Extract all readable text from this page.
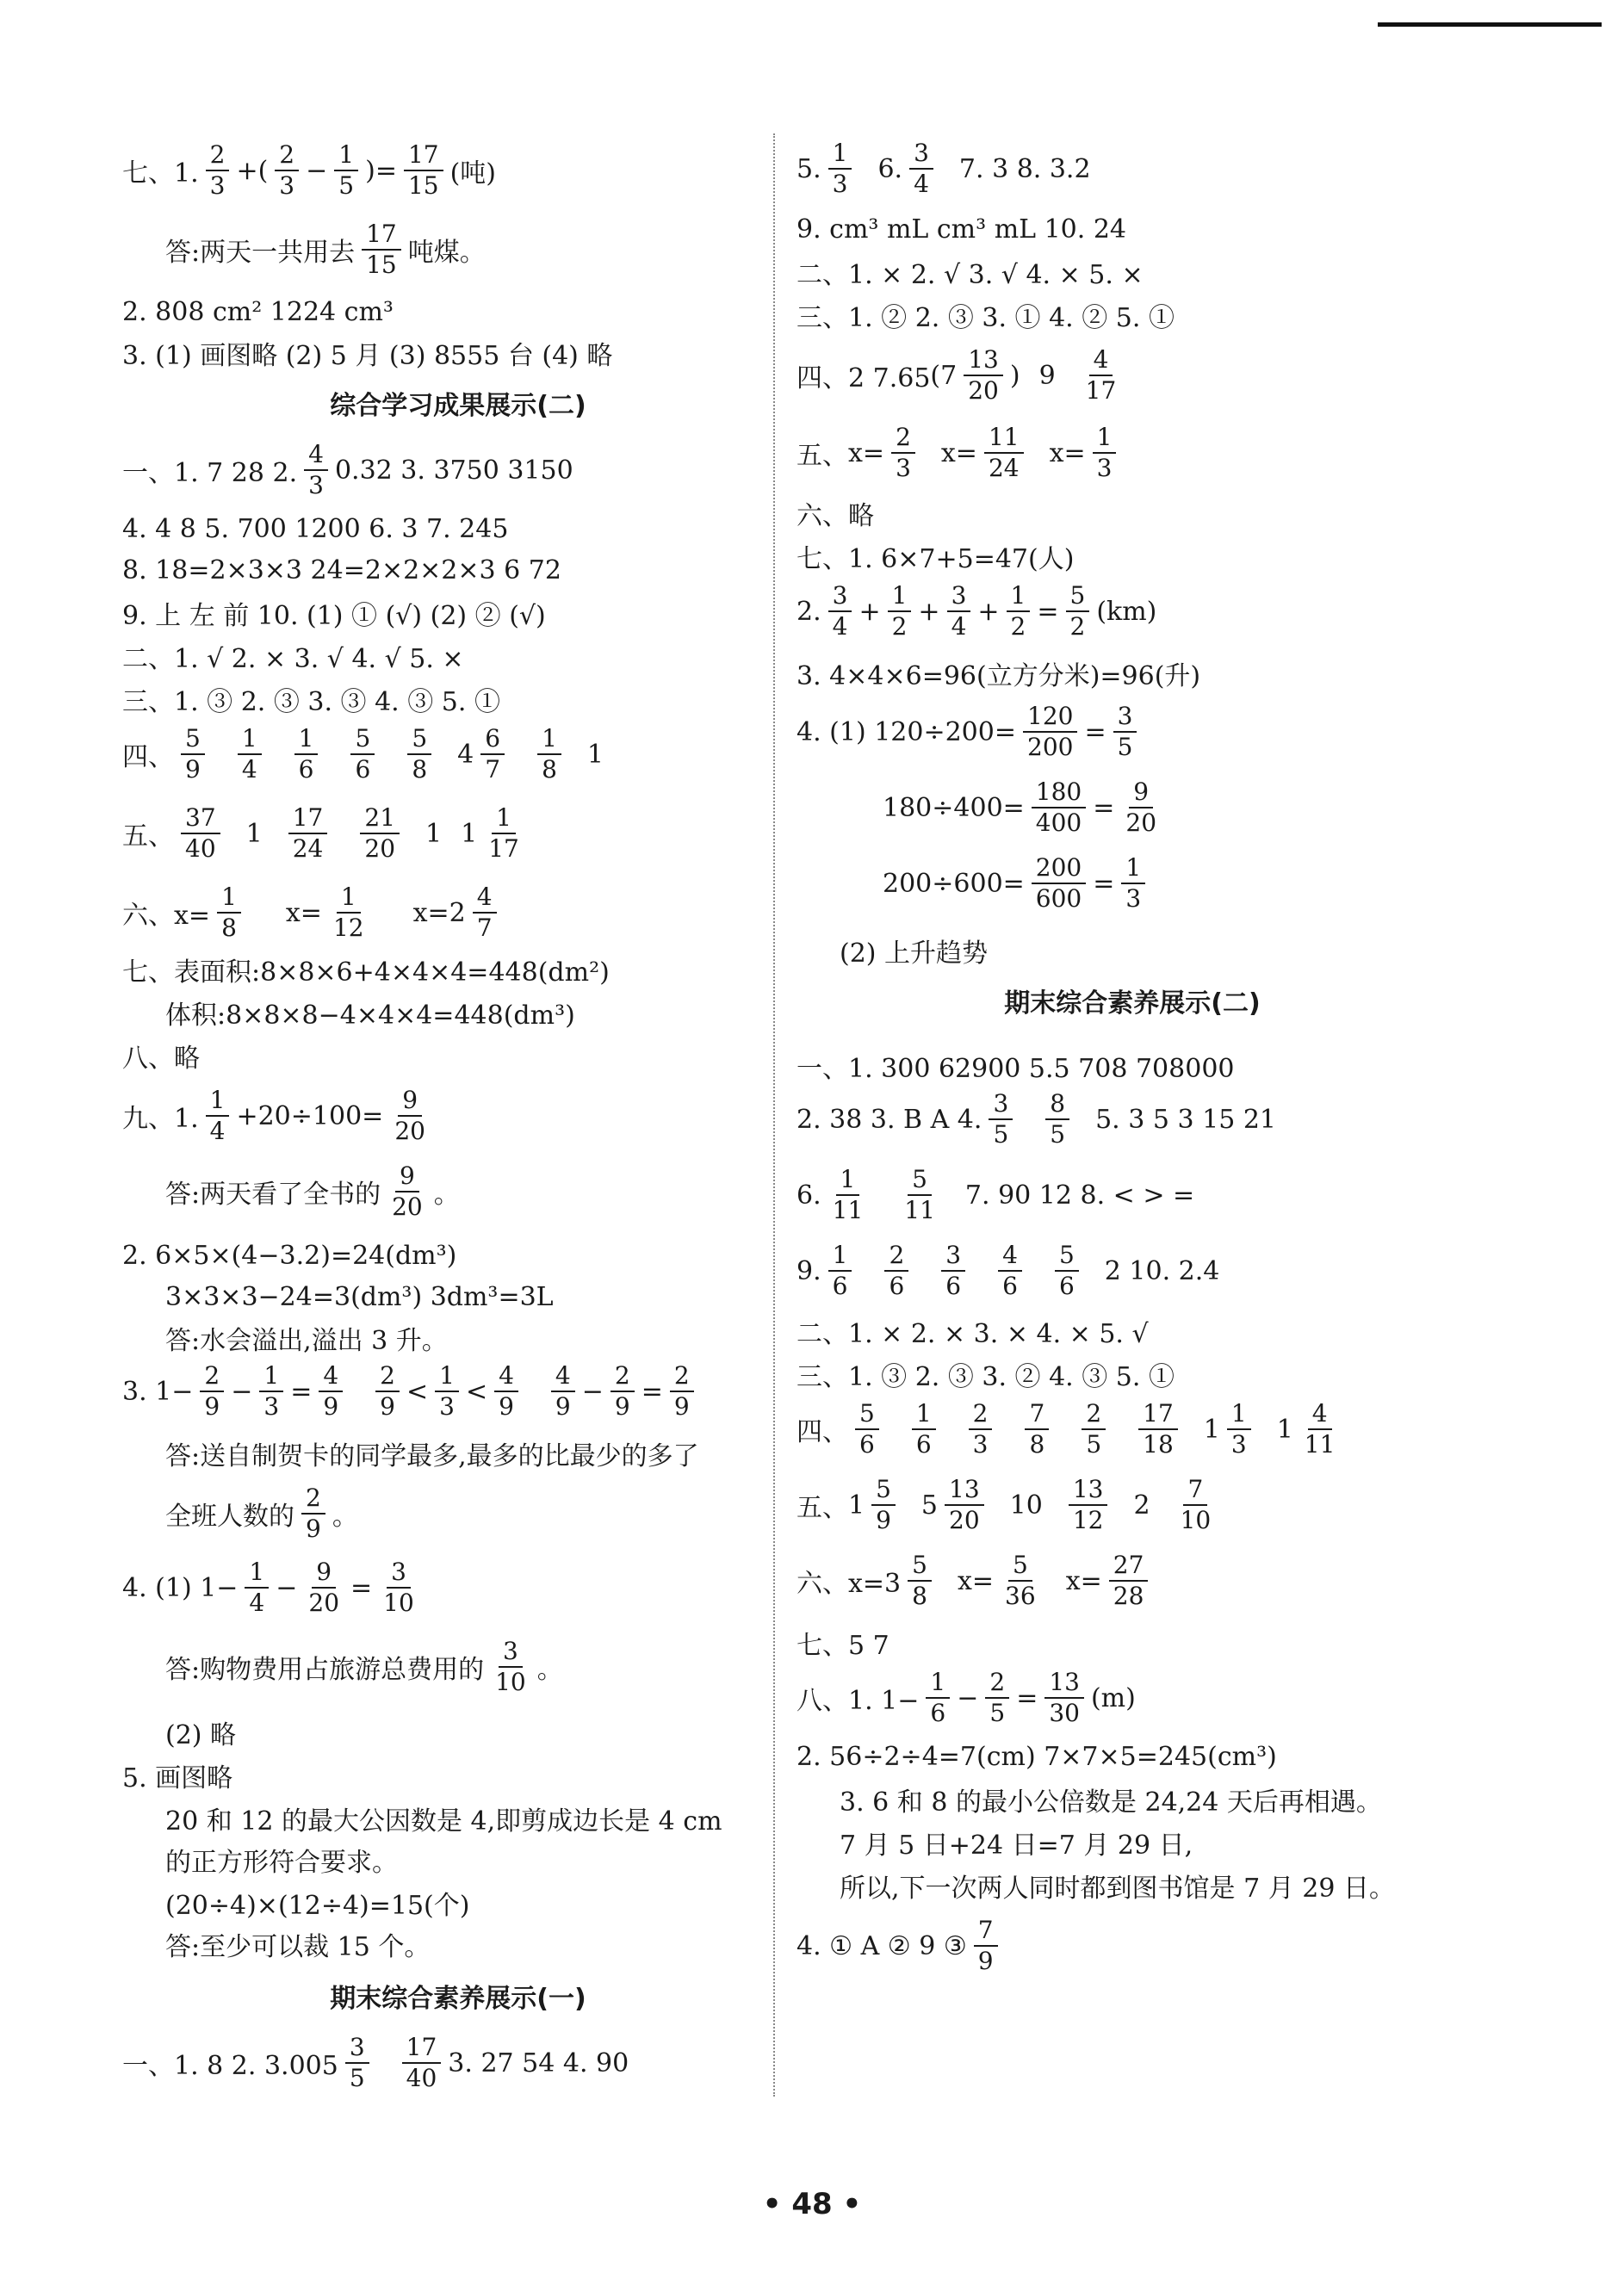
七、1. $\frac{2}{3}$ +( $\frac{2}{3} - \frac{1}{5}$ ) = $\frac{17}{15}$ (吨)
答:两天一共用去 $\frac{17}{15}$ 吨煤。
2. 808 cm² 1224 cm³
3. (1) 画图略 (2) 5 月 (3) 8555 台 (4) 略
综合学习成果展示(二)
一、1. 7 28 2. $\frac{4}{3} 0.32$ 3. 3750 3150
4. 4 8 5. 700 1200 6. 3 7. 245
8. 18=2×3×3 24=2×2×2×3 6 72
9. 上 左 前 10. (1) ① (√) (2) ② (√)
二、1. √ 2. × 3. √ 4. √ 5. ×
三、1. ③ 2. ③ 3. ③ 4. ③ 5. ①
四、 $\frac{5}{9} \frac{1}{4} \frac{1}{6} \frac{5}{6} \frac{5}{8} 4 \frac{6}{7} \frac{1}{8} 1$
五、 $\frac{37}{40} 1 \frac{17}{24} \frac{21}{20} 1$ $1 \frac{1}{17}$
六、$x= \frac{1}{8} x= \frac{1}{12} x=2 \frac{4}{7}$
七、表面积:8×8×6+4×4×4=448(dm²)
体积:8×8×8−4×4×4=448(dm³)
八、略
九、1. $\frac{1}{4} +20\div 100= \frac{9}{20}$
答:两天看了全书的 $\frac{9}{20}$ 。
2. 6×5×(4−3.2)=24(dm³)
3×3×3−24=3(dm³) 3dm³=3L
答:水会溢出,溢出 3 升。
3. $1- \frac{2}{9} - \frac{1}{3} = \frac{4}{9} \frac{2}{9} < \frac{1}{3} < \frac{4}{9} \frac{4}{9} - \frac{2}{9} = \frac{2}{9}$
答:送自制贺卡的同学最多,最多的比最少的多了
全班人数的 $\frac{2}{9}$ 。
4. (1) $1- \frac{1}{4} - \frac{9}{20} = \frac{3}{10}$
答:购物费用占旅游总费用的 $\frac{3}{10}$ 。
(2) 略
5. 画图略
20 和 12 的最大公因数是 4,即剪成边长是 4 cm
的正方形符合要求。
(20÷4)×(12÷4)=15(个)
答:至少可以裁 15 个。
期末综合素养展示(一)
一、1. 8 2. $3.005 \frac{3}{5} \frac{17}{40} 3$. 27 54 4. 90
5. $\frac{1}{3} 6$. $\frac{3}{4} 7$. 3 8. 3.2
9. cm³ mL cm³ mL 10. 24
二、1. × 2. √ 3. √ 4. × 5. ×
三、1. ② 2. ③ 3. ① 4. ② 5. ①
四、2 7.65 ($7 \frac{13}{20}$ ) $9 \frac{4}{17}$
五、 $x= \frac{2}{3} x= \frac{11}{24} x= \frac{1}{3}$
六、略
七、1. 6×7+5=47(人)
2. $\frac{3}{4} + \frac{1}{2} + \frac{3}{4} + \frac{1}{2} = \frac{5}{2} (km)$
3. 4×4×6=96(立方分米)=96(升)
4. (1) $120\div 200= \frac{120}{200} = \frac{3}{5}$
$180\div 400= \frac{180}{400} = \frac{9}{20}$
$200\div 600= \frac{200}{600} = \frac{1}{3}$
(2) 上升趋势
期末综合素养展示(二)
一、1. 300 62900 5.5 708 708000
2. 38 3. B A 4. $\frac{3}{5} \frac{8}{5} 5$. 3 5 3 15 21
6. $\frac{1}{11} \frac{5}{11} 7$. 90 12 8. < > =
9. $\frac{1}{6} \frac{2}{6} \frac{3}{6} \frac{4}{6} \frac{5}{6} 2$ 10. 2.4
二、1. × 2. × 3. × 4. × 5. √
三、1. ③ 2. ③ 3. ② 4. ③ 5. ①
四、 $\frac{5}{6} \frac{1}{6} \frac{2}{3} \frac{7}{8} \frac{2}{5} \frac{17}{18} 1 \frac{1}{3} 1 \frac{4}{11}$
五、 $1 \frac{5}{9} 5 \frac{13}{20} 10 \frac{13}{12} 2 \frac{7}{10}$
六、$x=3 \frac{5}{8} x= \frac{5}{36} x= \frac{27}{28}$
七、5 7
八、1. $1- \frac{1}{6} - \frac{2}{5} = \frac{13}{30} (m)$
2. 56÷2÷4=7(cm) 7×7×5=245(cm³)
3. 6 和 8 的最小公倍数是 24,24 天后再相遇。
7 月 5 日+24 日=7 月 29 日,
所以,下一次两人同时都到图书馆是 7 月 29 日。
4. ① A ② 9 ③ $\frac{7}{9}$
• 48 •
